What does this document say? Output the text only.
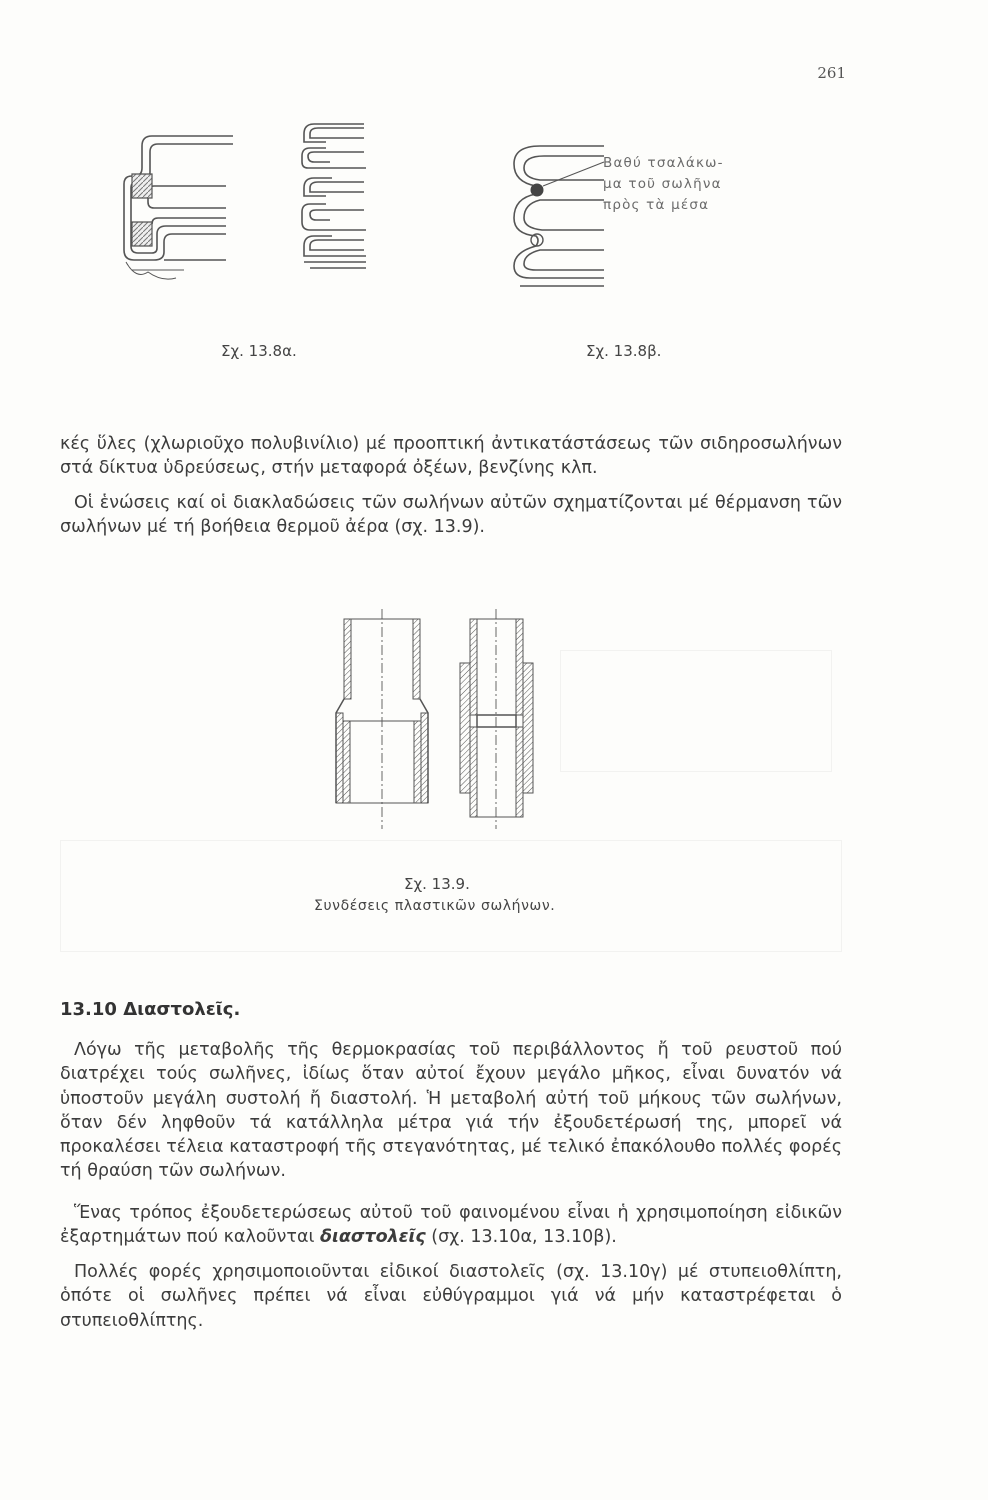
261
Βαθύ τσαλάκω-
μα τοῦ σωλῆνα
πρὸς τὰ μέσα
Σχ. 13.8α.	Σχ. 13.8β.

κές ὕλες (χλωριοῦχο πολυβινίλιο) μέ προοπτική ἀντικατάστάσεως τῶν σιδηροσωλήνων στά δίκτυα ὑδρεύσεως, στήν μεταφορά ὀξέων, βενζίνης κλπ.

Οἱ ἑνώσεις καί οἱ διακλαδώσεις τῶν σωλήνων αὐτῶν σχηματίζονται μέ θέρμανση τῶν σωλήνων μέ τή βοήθεια θερμοῦ ἀέρα (σχ. 13.9).

Σχ. 13.9.
Συνδέσεις πλαστικῶν σωλήνων.
13.10 Διαστολεῖς.

Λόγω τῆς μεταβολῆς τῆς θερμοκρασίας τοῦ περιβάλλοντος ἤ τοῦ ρευστοῦ πού διατρέχει τούς σωλῆνες, ἰδίως ὅταν αὐτοί ἔχουν μεγάλο μῆκος, εἶναι δυνατόν νά ὑποστοῦν μεγάλη συστολή ἤ διαστολή. Ἡ μεταβολή αὐτή τοῦ μήκους τῶν σωλήνων, ὅταν δέν ληφθοῦν τά κατάλληλα μέτρα γιά τήν ἐξουδετέρωσή της, μπορεῖ νά προκαλέσει τέλεια καταστροφή τῆς στεγανότητας, μέ τελικό ἐπακόλουθο πολλές φορές τή θραύση τῶν σωλήνων.

Ἕνας τρόπος ἐξουδετερώσεως αὐτοῦ τοῦ φαινομένου εἶναι ἡ χρησιμοποίηση εἰδικῶν ἐξαρτημάτων πού καλοῦνται διαστολεῖς (σχ. 13.10α, 13.10β).

Πολλές φορές χρησιμοποιοῦνται εἰδικοί διαστολεῖς (σχ. 13.10γ) μέ στυπειοθλίπτη, ὁπότε οἱ σωλῆνες πρέπει νά εἶναι εὐθύγραμμοι γιά νά μήν καταστρέφεται ὁ στυπειοθλίπτης.
